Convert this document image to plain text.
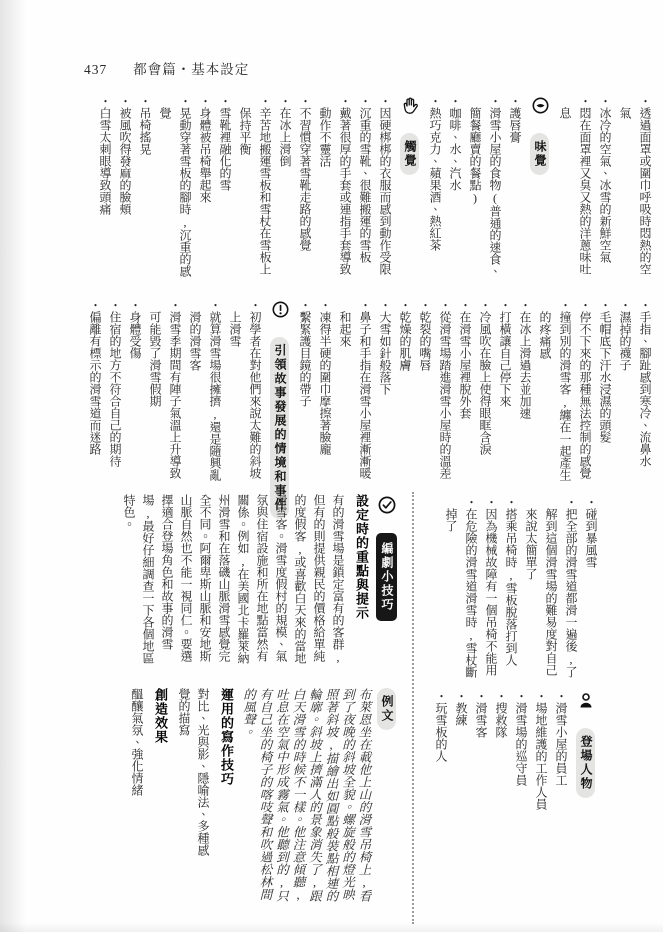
437 都會篇・基本設定
・ 透過面罩或圍巾呼吸時悶熱的空氣
・ 冰冷的空氣、冰雪的新鮮空氣
・ 悶在面罩裡又臭又熱的洋蔥味吐息
味覺
・ 護唇膏
・ 滑雪小屋的食物(普通的速食、簡餐廳賣的餐點)
・ 咖啡、水、汽水
・ 熱巧克力、蘋果酒、熱紅茶
觸覺
・ 因硬梆梆的衣服而感到動作受限
・ 沉重的雪靴、很難搬運的雪板
・ 戴著很厚的手套或連指手套導致動作不靈活
・ 不習慣穿著雪靴走路的感覺
・ 在冰上滑倒
・ 辛苦地搬運雪板和雪杖在雪板上保持平衡
・ 雪靴裡融化的雪
・ 身體被吊椅舉起來
・ 晃動穿著雪板的腳時,沉重的感覺
・ 吊椅搖晃
・ 被風吹得發麻的臉頰
・ 白雪太刺眼導致頭痛
・ 手指、腳趾感到寒冷、流鼻水
・ 濕掉的襪子
・ 毛帽底下汗水浸濕的頭髮
・ 停不下來的那種無法控制的感覺
・ 撞到別的滑雪客,纏在一起產生的疼痛感
・ 在冰上滑過去並加速
・ 打橫讓自己停下來
・ 冷風吹在臉上使得眼眶含淚
・ 在滑雪小屋裡脫外套
・ 從滑雪場踏進滑雪小屋時的溫差
・ 乾裂的嘴唇
・ 乾燥的肌膚
・ 大雪如針般落下
・ 鼻子和手指在滑雪小屋裡漸漸暖和起來
・ 凍得半硬的圍巾摩擦著臉龐
・ 繫緊護目鏡的帶子
引領故事發展的情境和事件
・ 初學者在對他們來說太難的斜坡上滑雪
・ 就算滑雪場很擁擠,還是隨興亂滑的滑雪客
・ 滑雪季期間有陣子氣溫上升導致可能毀了滑雪假期
・ 身體受傷
・ 住宿的地方不符合自己的期待
・ 偏離有標示的滑雪道而迷路
・ 碰到暴風雪
・ 把全部的滑雪道都滑一遍後,了解到這個滑雪場的難易度對自己來說太簡單了
・ 搭乘吊椅時,雪板脫落打到人
・ 因為機械故障有一個吊椅不能用
・ 在危險的滑雪道滑雪時,雪杖斷掉了
登場人物
・ 滑雪小屋的員工
・ 場地維護的工作人員
・ 滑雪場的巡守員
・ 搜救隊
・ 滑雪客
・ 教練
・ 玩雪板的人
編劇小技巧
設定時的重點與提示

有的滑雪場是鎖定富有的客群,但有的則提供親民的價格給單純的度假客,或喜歡白天來的當地滑雪客。滑雪度假村的規模、氣氛與住宿設施和所在地點當然有關係。例如,在美國北卡羅萊納州滑雪和在落磯山脈滑雪感覺完全不同。阿爾卑斯山脈和安地斯山脈自然也不能一視同仁。要選擇適合登場角色和故事的滑雪場,最好仔細調查一下各個地區特色。

例文

布萊恩坐在載他上山的滑雪吊椅上,看到了夜晚的斜坡全貌。螺旋般的燈光映照著斜坡,描繪出如圓點般裝點相連的輪廓。斜坡上擠滿人的景象消失了,跟白天滑雪的時候不一樣。他注意傾聽,吐息在空氣中形成霧氣。他聽到的,只有自己坐的椅子的喀吱聲和吹過松林間的風聲。

運用的寫作技巧

對比、光與影、隱喻法、多種感覺的描寫

創造效果

醞釀氣氛、強化情緒
